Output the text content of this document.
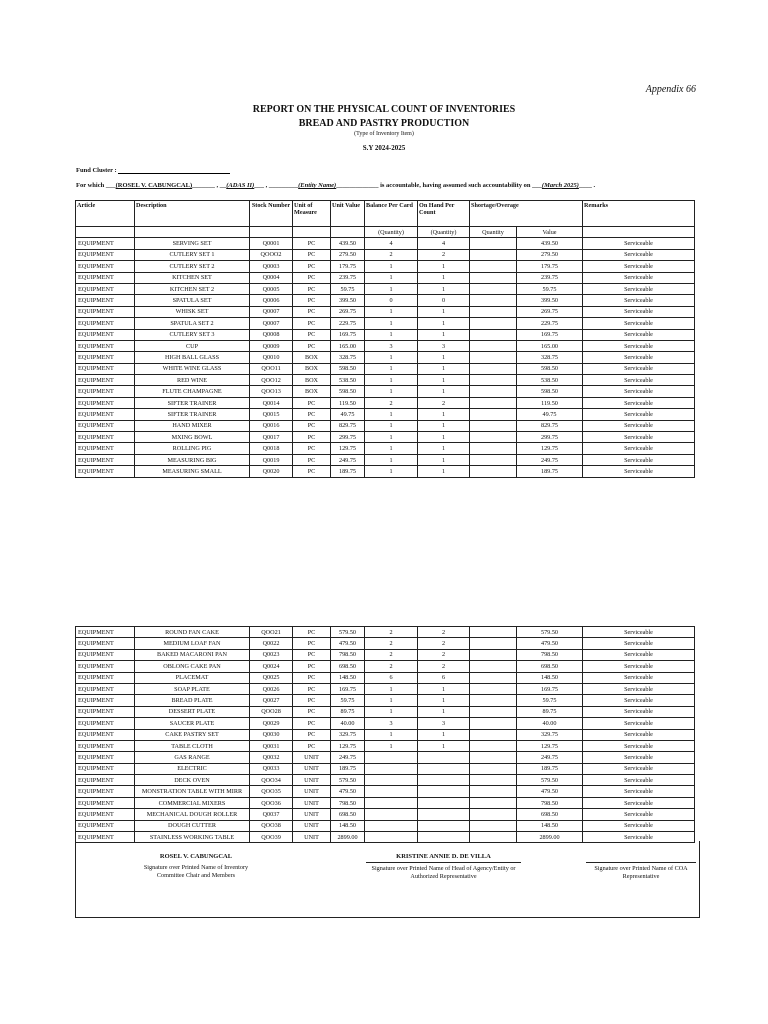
Appendix 66
REPORT ON THE PHYSICAL COUNT OF INVENTORIES
BREAD AND PASTRY PRODUCTION
(Type of Inventory Item)
S.Y 2024-2025
Fund Cluster :
For which ___(ROSEL V. CABUNGCAL)_______ , __(ADAS II)___ , _________(Entity Name)_____________ is accountable, having assumed such accountability on ___(March 2025)____ .
Article	Description	Stock Number	Unit of Measure	Unit Value	Balance Per Card	On Hand Per Count	Shortage/Overage		Remarks
					(Quantity)	(Quantity)	Quantity	Value	
EQUIPMENT	SERVING SET	Q0001	PC	439.50	4	4		439.50	Serviceable
EQUIPMENT	CUTLERY SET 1	QOOO2	PC	279.50	2	2		279.50	Serviceable
EQUIPMENT	CUTLERY SET 2	Q0003	PC	179.75	1	1		179.75	Serviceable
EQUIPMENT	KITCHEN SET	Q0004	PC	239.75	1	1		239.75	Serviceable
EQUIPMENT	KITCHEN SET 2	Q0005	PC	59.75	1	1		59.75	Serviceable
EQUIPMENT	SPATULA SET	Q0006	PC	399.50	0	0		399.50	Serviceable
EQUIPMENT	WHISK SET	Q0007	PC	269.75	1	1		269.75	Serviceable
EQUIPMENT	SPATULA SET 2	Q0007	PC	229.75	1	1		229.75	Serviceable
EQUIPMENT	CUTLERY SET 3	Q0008	PC	169.75	1	1		169.75	Serviceable
EQUIPMENT	CUP	Q0009	PC	165.00	3	3		165.00	Serviceable
EQUIPMENT	HIGH BALL GLASS	Q0010	BOX	328.75	1	1		328.75	Serviceable
EQUIPMENT	WHITE WINE GLASS	QOO11	BOX	598.50	1	1		598.50	Serviceable
EQUIPMENT	RED WINE	QOO12	BOX	538.50	1	1		538.50	Serviceable
EQUIPMENT	FLUTE CHAMPAGNE	QOO13	BOX	598.50	1	1		598.50	Serviceable
EQUIPMENT	SIFTER TRAINER	Q0014	PC	119.50	2	2		119.50	Serviceable
EQUIPMENT	SIFTER TRAINER	Q0015	PC	49.75	1	1		49.75	Serviceable
EQUIPMENT	HAND MIXER	Q0016	PC	829.75	1	1		829.75	Serviceable
EQUIPMENT	MXING BOWL	Q0017	PC	299.75	1	1		299.75	Serviceable
EQUIPMENT	ROLLING PIG	Q0018	PC	129.75	1	1		129.75	Serviceable
EQUIPMENT	MEASURING BIG	Q0019	PC	249.75	1	1		249.75	Serviceable
EQUIPMENT	MEASURING SMALL	Q0020	PC	189.75	1	1		189.75	Serviceable
EQUIPMENT	ROUND FAN CAKE	QOO21	PC	579.50	2	2		579.50	Serviceable
EQUIPMENT	MEDIUM LOAF FAN	Q0022	PC	479.50	2	2		479.50	Serviceable
EQUIPMENT	BAKED MACARONI PAN	Q0023	PC	798.50	2	2		798.50	Serviceable
EQUIPMENT	OBLONG CAKE PAN	Q0024	PC	698.50	2	2		698.50	Serviceable
EQUIPMENT	PLACEMAT	Q0025	PC	148.50	6	6		148.50	Serviceable
EQUIPMENT	SOAP PLATE	Q0026	PC	169.75	1	1		169.75	Serviceable
EQUIPMENT	BREAD PLATE	Q0027	PC	59.75	1	1		59.75	Serviceable
EQUIPMENT	DESSERT PLATE	QOO28	PC	89.75	1	1		89.75	Serviceable
EQUIPMENT	SAUCER PLATE	Q0029	PC	40.00	3	3		40.00	Serviceable
EQUIPMENT	CAKE PASTRY SET	Q0030	PC	329.75	1	1		329.75	Serviceable
EQUIPMENT	TABLE CLOTH	Q0031	PC	129.75	1	1		129.75	Serviceable
EQUIPMENT	GAS RANGE	Q0032	UNIT	249.75				249.75	Serviceable
EQUIPMENT	ELECTRIC	Q0033	UNIT	189.75				189.75	Serviceable
EQUIPMENT	DECK OVEN	QOO34	UNIT	579.50				579.50	Serviceable
EQUIPMENT	MONSTRATION TABLE WITH MIRR	QOO35	UNIT	479.50				479.50	Serviceable
EQUIPMENT	COMMERCIAL MIXERS	QOO36	UNIT	798.50				798.50	Serviceable
EQUIPMENT	MECHANICAL DOUGH ROLLER	Q0037	UNIT	698.50				698.50	Serviceable
EQUIPMENT	DOUGH CUTTER	QOO38	UNIT	148.50				148.50	Serviceable
EQUIPMENT	STAINLESS WORKING TABLE	QOO39	UNIT	2899.00				2899.00	Serviceable
ROSEL V. CABUNGCAL
Signature over Printed Name of Inventory Committee Chair and Members
KRISTINE ANNIE D. DE VILLA
Signature over Printed Name of Head of Agency/Entity or Authorized Representative
Signature over Printed Name of COA Representative
